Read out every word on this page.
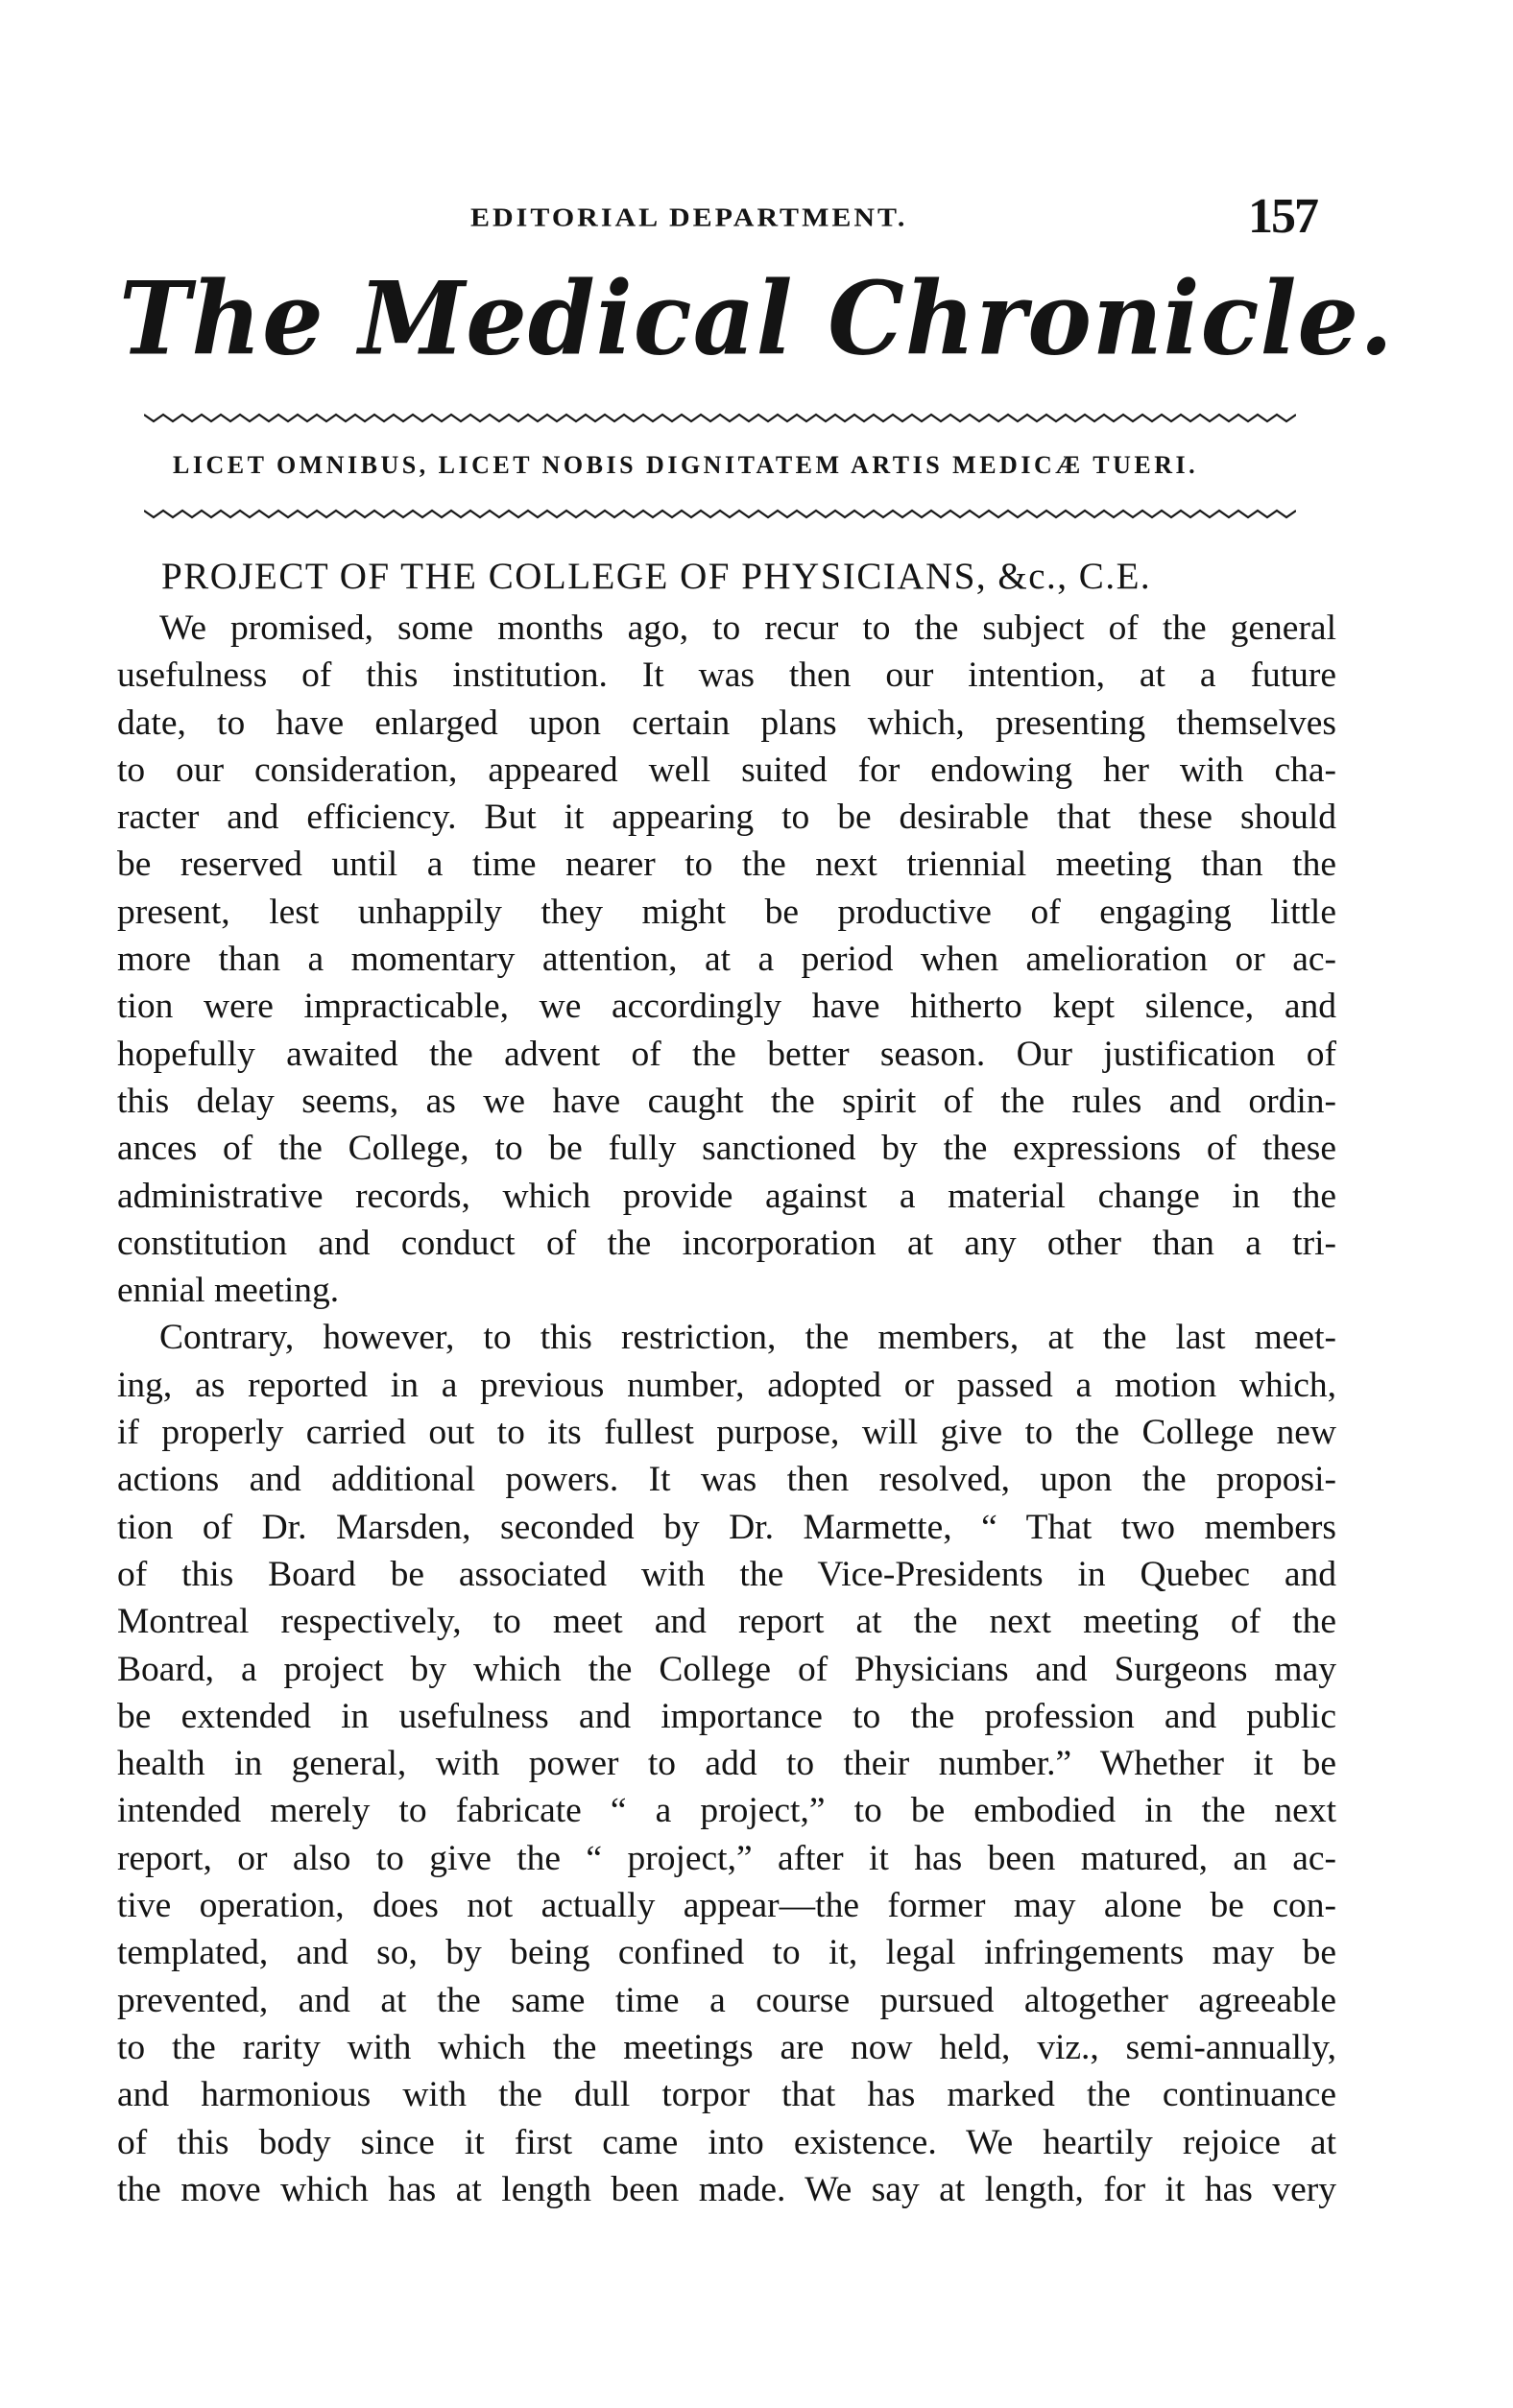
EDITORIAL DEPARTMENT.	157
The Medical Chronicle.
LICET OMNIBUS, LICET NOBIS DIGNITATEM ARTIS MEDICÆ TUERI.
PROJECT OF THE COLLEGE OF PHYSICIANS, &c., C.E.
We promised, some months ago, to recur to the subject of the general
usefulness of this institution. It was then our intention, at a future
date, to have enlarged upon certain plans which, presenting themselves
to our consideration, appeared well suited for endowing her with cha-
racter and efficiency. But it appearing to be desirable that these should
be reserved until a time nearer to the next triennial meeting than the
present, lest unhappily they might be productive of engaging little
more than a momentary attention, at a period when amelioration or ac-
tion were impracticable, we accordingly have hitherto kept silence, and
hopefully awaited the advent of the better season. Our justification of
this delay seems, as we have caught the spirit of the rules and ordin-
ances of the College, to be fully sanctioned by the expressions of these
administrative records, which provide against a material change in the
constitution and conduct of the incorporation at any other than a tri-
ennial meeting.
Contrary, however, to this restriction, the members, at the last meet-
ing, as reported in a previous number, adopted or passed a motion which,
if properly carried out to its fullest purpose, will give to the College new
actions and additional powers. It was then resolved, upon the proposi-
tion of Dr. Marsden, seconded by Dr. Marmette, “ That two members
of this Board be associated with the Vice-Presidents in Quebec and
Montreal respectively, to meet and report at the next meeting of the
Board, a project by which the College of Physicians and Surgeons may
be extended in usefulness and importance to the profession and public
health in general, with power to add to their number.” Whether it be
intended merely to fabricate “ a project,” to be embodied in the next
report, or also to give the “ project,” after it has been matured, an ac-
tive operation, does not actually appear—the former may alone be con-
templated, and so, by being confined to it, legal infringements may be
prevented, and at the same time a course pursued altogether agreeable
to the rarity with which the meetings are now held, viz., semi-annually,
and harmonious with the dull torpor that has marked the continuance
of this body since it first came into existence. We heartily rejoice at
the move which has at length been made. We say at length, for it has very
